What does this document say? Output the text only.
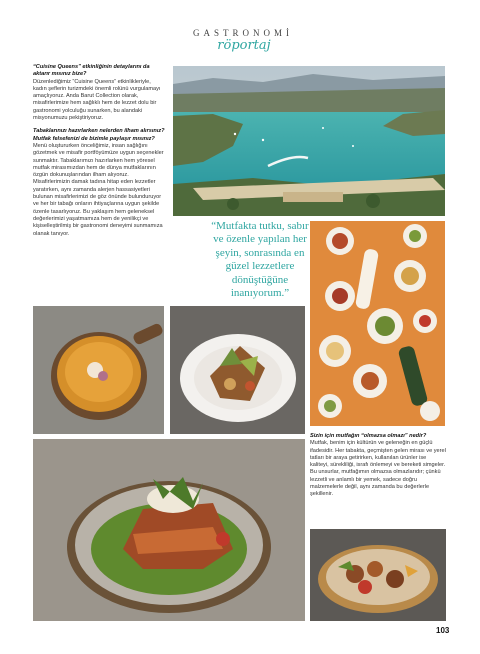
GASTRONOMİ
röportaj

“Cuisine Queens” etkinliğinin detaylarını da aktarır mısınız bize?

Düzenlediğimiz “Cuisine Queens” etkinlikleriyle, kadın şeflerin turizmdeki önemli rolünü vurgulamayı amaçlıyoruz. Anda Barut Collection olarak, misafirlerimize hem sağlıklı hem de lezzet dolu bir gastronomi yolculuğu sunarken, bu alandaki misyonumuzu pekiştiriyoruz.

Tabaklarınızı hazırlarken nelerden ilham alırsınız? Mutfak felsefenizi de bizimle paylaşır mısınız?

Menü oluştururken önceliğimiz, insan sağlığını gözetmek ve misafir portföyümüze uygun seçenekler sunmaktır. Tabaklarımızı hazırlarken hem yöresel mutfak mirasımızdan hem de dünya mutfaklarının özgün dokunuşlarından ilham alıyoruz. Misafirlerimizin damak tadına hitap eden lezzetler yaratırken, aynı zamanda alerjen hassasiyetleri bulunan misafirlerimizi de göz önünde bulunduruyor ve her bir tabağı onların ihtiyaçlarına uygun şekilde özenle tasarlıyoruz. Bu yaklaşım hem geleneksel değerlerimizi yaşatmamıza hem de yenilikçi ve kişiselleştirilmiş bir gastronomi deneyimi sunmamıza olanak tanıyor.

“Mutfakta tutku, sabır ve özenle yapılan her şeyin, sonrasında en güzel lezzetlere dönüştüğüne inanıyorum.”

Sizin için mutfağın “olmazsa olmazı” nedir?

Mutfak, benim için kültürün ve geleneğin en güçlü ifadesidir. Her tabakta, geçmişten gelen mirası ve yerel tatları bir araya getirirken, kullanılan ürünler ise kaliteyi, sürekliliği, israfı önlemeyi ve bereketi simgeler. Bu unsurlar, mutfağımın olmazsa olmazlarıdır; çünkü lezzetli ve anlamlı bir yemek, sadece doğru malzemelerle değil, aynı zamanda bu değerlerle şekillenir.

103
